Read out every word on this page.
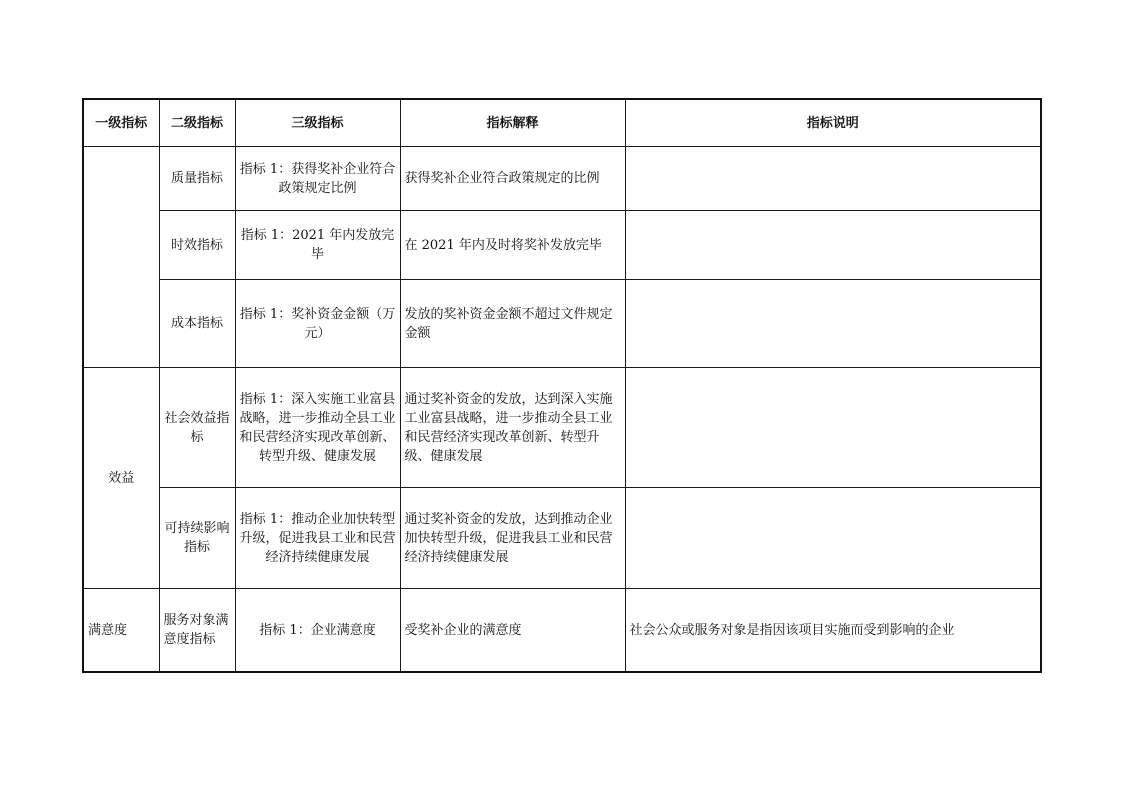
一级指标	二级指标	三级指标	指标解释	指标说明
	质量指标	指标 1：获得奖补企业符合政策规定比例	获得奖补企业符合政策规定的比例	
	时效指标	指标 1：2021 年内发放完毕	在 2021 年内及时将奖补发放完毕	
	成本指标	指标 1：奖补资金金额（万元）	发放的奖补资金金额不超过文件规定金额	
效益	社会效益指标	指标 1：深入实施工业富县战略，进一步推动全县工业和民营经济实现改革创新、转型升级、健康发展	通过奖补资金的发放，达到深入实施工业富县战略，进一步推动全县工业和民营经济实现改革创新、转型升级、健康发展	
	可持续影响指标	指标 1：推动企业加快转型升级，促进我县工业和民营经济持续健康发展	通过奖补资金的发放，达到推动企业加快转型升级，促进我县工业和民营经济持续健康发展	
满意度	服务对象满意度指标	指标 1：企业满意度	受奖补企业的满意度	社会公众或服务对象是指因该项目实施而受到影响的企业
